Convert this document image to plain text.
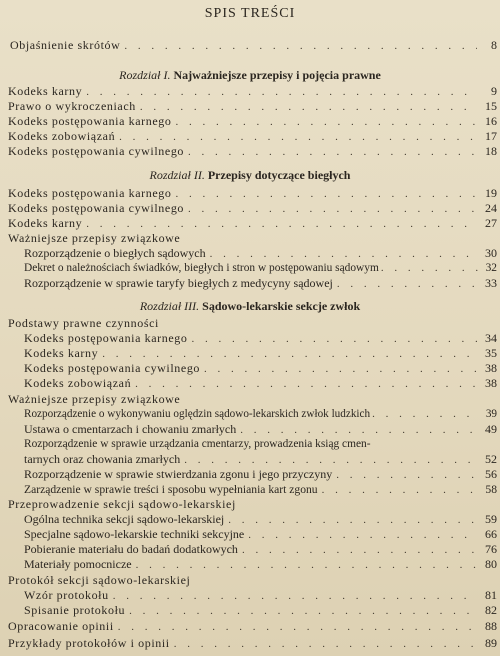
SPIS TREŚCI
Objaśnienie skrótów . . .	8
Rozdział I. Najważniejsze przepisy i pojęcia prawne
Kodeks karny . . .	9
Prawo o wykroczeniach . . .	15
Kodeks postępowania karnego . . .	16
Kodeks zobowiązań . . .	17
Kodeks postępowania cywilnego . . .	18
Rozdział II. Przepisy dotyczące biegłych
Kodeks postępowania karnego . . .	19
Kodeks postępowania cywilnego . . .	24
Kodeks karny . . .	27
Ważniejsze przepisy związkowe
Rozporządzenie o biegłych sądowych . . .	30
Dekret o należnościach świadków, biegłych i stron w postępowaniu sądowym . . .	32
Rozporządzenie w sprawie taryfy biegłych z medycyny sądowej . . .	33
Rozdział III. Sądowo-lekarskie sekcje zwłok
Podstawy prawne czynności
Kodeks postępowania karnego . . .	34
Kodeks karny . . .	35
Kodeks postępowania cywilnego . . .	38
Kodeks zobowiązań . . .	38
Ważniejsze przepisy związkowe
Rozporządzenie o wykonywaniu oględzin sądowo-lekarskich zwłok ludzkich . . .	39
Ustawa o cmentarzach i chowaniu zmarłych . . .	49
Rozporządzenie w sprawie urządzania cmentarzy, prowadzenia ksiąg cmen-
tarnych oraz chowania zmarłych . . .	52
Rozporządzenie w sprawie stwierdzania zgonu i jego przyczyny . . .	56
Zarządzenie w sprawie treści i sposobu wypełniania kart zgonu . . .	58
Przeprowadzenie sekcji sądowo-lekarskiej
Ogólna technika sekcji sądowo-lekarskiej . . .	59
Specjalne sądowo-lekarskie techniki sekcyjne . . .	66
Pobieranie materiału do badań dodatkowych . . .	76
Materiały pomocnicze . . .	80
Protokół sekcji sądowo-lekarskiej
Wzór protokołu . . .	81
Spisanie protokołu . . .	82
Opracowanie opinii . . .	88
Przykłady protokołów i opinii . . .	89
